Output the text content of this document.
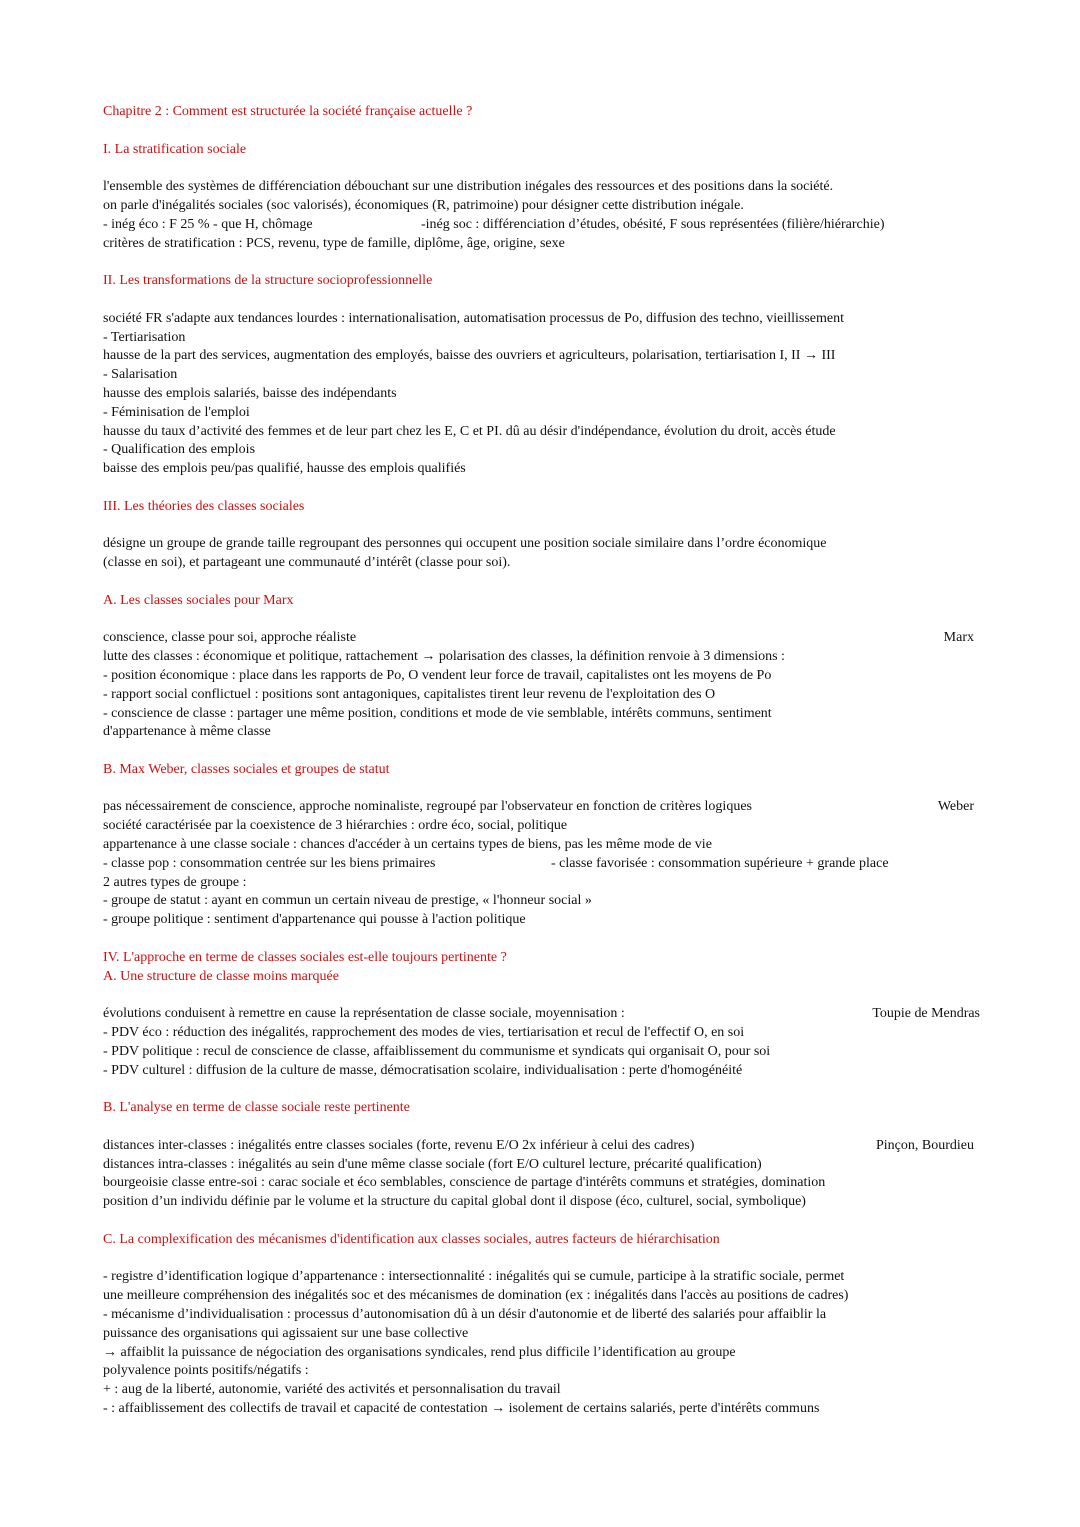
Chapitre 2 : Comment est structurée la société française actuelle ?
I. La stratification sociale
l'ensemble des systèmes de différenciation débouchant sur une distribution inégales des ressources et des positions dans la société.
on parle d'inégalités sociales (soc valorisés), économiques (R, patrimoine) pour désigner cette distribution inégale.
- inég éco : F 25 % - que H, chômage	-inég soc : différenciation d’études, obésité, F sous représentées (filière/hiérarchie)
critères de stratification : PCS, revenu, type de famille, diplôme, âge, origine, sexe
II. Les transformations de la structure socioprofessionnelle
société FR s'adapte aux tendances lourdes : internationalisation, automatisation processus de Po, diffusion des techno, vieillissement
- Tertiarisation
hausse de la part des services, augmentation des employés, baisse des ouvriers et agriculteurs, polarisation, tertiarisation I, II → III
- Salarisation
hausse des emplois salariés, baisse des indépendants
- Féminisation de l'emploi
hausse du taux d’activité des femmes et de leur part chez les E, C et PI. dû au désir d'indépendance, évolution du droit, accès étude
- Qualification des emplois
baisse des emplois peu/pas qualifié, hausse des emplois qualifiés
III. Les théories des classes sociales
désigne un groupe de grande taille regroupant des personnes qui occupent une position sociale similaire dans l’ordre économique
(classe en soi), et partageant une communauté d’intérêt (classe pour soi).
A. Les classes sociales pour Marx
conscience, classe pour soi, approche réaliste	Marx
lutte des classes : économique et politique, rattachement → polarisation des classes, la définition renvoie à 3 dimensions :
- position économique : place dans les rapports de Po, O vendent leur force de travail, capitalistes ont les moyens de Po
- rapport social conflictuel : positions sont antagoniques, capitalistes tirent leur revenu de l'exploitation des O
- conscience de classe : partager une même position, conditions et mode de vie semblable, intérêts communs, sentiment
d'appartenance à même classe
B. Max Weber, classes sociales et groupes de statut
pas nécessairement de conscience, approche nominaliste, regroupé par l'observateur en fonction de critères logiques	Weber
société caractérisée par la coexistence de 3 hiérarchies : ordre éco, social, politique
appartenance à une classe sociale : chances d'accéder à un certains types de biens, pas les même mode de vie
- classe pop : consommation centrée sur les biens primaires	- classe favorisée : consommation supérieure + grande place
2 autres types de groupe :
- groupe de statut : ayant en commun un certain niveau de prestige, « l'honneur social »
- groupe politique : sentiment d'appartenance qui pousse à l'action politique
IV. L'approche en terme de classes sociales est-elle toujours pertinente ?
A. Une structure de classe moins marquée
évolutions conduisent à remettre en cause la représentation de classe sociale, moyennisation :	Toupie de Mendras
- PDV éco : réduction des inégalités, rapprochement des modes de vies, tertiarisation et recul de l'effectif O, en soi
- PDV politique : recul de conscience de classe, affaiblissement du communisme et syndicats qui organisait O, pour soi
- PDV culturel : diffusion de la culture de masse, démocratisation scolaire, individualisation : perte d'homogénéité
B. L'analyse en terme de classe sociale reste pertinente
distances inter-classes : inégalités entre classes sociales (forte, revenu E/O 2x inférieur à celui des cadres)	Pinçon, Bourdieu
distances intra-classes : inégalités au sein d'une même classe sociale (fort E/O culturel lecture, précarité qualification)
bourgeoisie classe entre-soi : carac sociale et éco semblables, conscience de partage d'intérêts communs et stratégies, domination
position d’un individu définie par le volume et la structure du capital global dont il dispose (éco, culturel, social, symbolique)
C. La complexification des mécanismes d'identification aux classes sociales, autres facteurs de hiérarchisation
- registre d’identification logique d’appartenance : intersectionnalité : inégalités qui se cumule, participe à la stratific sociale, permet
une meilleure compréhension des inégalités soc et des mécanismes de domination (ex : inégalités dans l'accès au positions de cadres)
- mécanisme d’individualisation : processus d’autonomisation dû à un désir d'autonomie et de liberté des salariés pour affaiblir la
puissance des organisations qui agissaient sur une base collective
→ affaiblit la puissance de négociation des organisations syndicales, rend plus difficile l’identification au groupe
polyvalence points positifs/négatifs :
+ : aug de la liberté, autonomie, variété des activités et personnalisation du travail
- : affaiblissement des collectifs de travail et capacité de contestation → isolement de certains salariés, perte d'intérêts communs
